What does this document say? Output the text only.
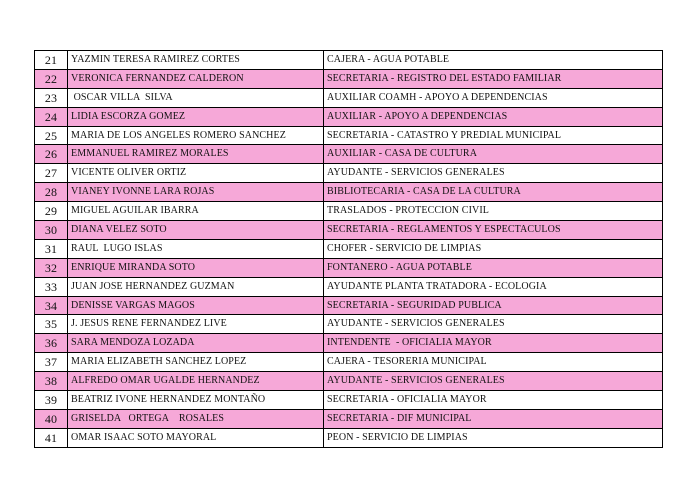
21	YAZMIN TERESA RAMIREZ CORTES	CAJERA - AGUA POTABLE
22	VERONICA FERNANDEZ CALDERON	SECRETARIA - REGISTRO DEL ESTADO FAMILIAR
23	OSCAR VILLA  SILVA	AUXILIAR COAMH - APOYO A DEPENDENCIAS
24	LIDIA ESCORZA GOMEZ	AUXILIAR - APOYO A DEPENDENCIAS
25	MARIA DE LOS ANGELES ROMERO SANCHEZ	SECRETARIA - CATASTRO Y PREDIAL MUNICIPAL
26	EMMANUEL RAMIREZ MORALES	AUXILIAR - CASA DE CULTURA
27	VICENTE OLIVER ORTIZ	AYUDANTE - SERVICIOS GENERALES
28	VIANEY IVONNE LARA ROJAS	BIBLIOTECARIA - CASA DE LA CULTURA
29	MIGUEL AGUILAR IBARRA	TRASLADOS - PROTECCION CIVIL
30	DIANA VELEZ SOTO	SECRETARIA - REGLAMENTOS Y ESPECTACULOS
31	RAUL  LUGO ISLAS	CHOFER - SERVICIO DE LIMPIAS
32	ENRIQUE MIRANDA SOTO	FONTANERO - AGUA POTABLE
33	JUAN JOSE HERNANDEZ GUZMAN	AYUDANTE PLANTA TRATADORA - ECOLOGIA
34	DENISSE VARGAS MAGOS	SECRETARIA - SEGURIDAD PUBLICA
35	J. JESUS RENE FERNANDEZ LIVE	AYUDANTE - SERVICIOS GENERALES
36	SARA MENDOZA LOZADA	INTENDENTE  - OFICIALIA MAYOR
37	MARIA ELIZABETH SANCHEZ LOPEZ	CAJERA - TESORERIA MUNICIPAL
38	ALFREDO OMAR UGALDE HERNANDEZ	AYUDANTE - SERVICIOS GENERALES
39	BEATRIZ IVONE HERNANDEZ MONTAÑO	SECRETARIA - OFICIALIA MAYOR
40	GRISELDA   ORTEGA    ROSALES	SECRETARIA - DIF MUNICIPAL
41	OMAR ISAAC SOTO MAYORAL	PEON - SERVICIO DE LIMPIAS
